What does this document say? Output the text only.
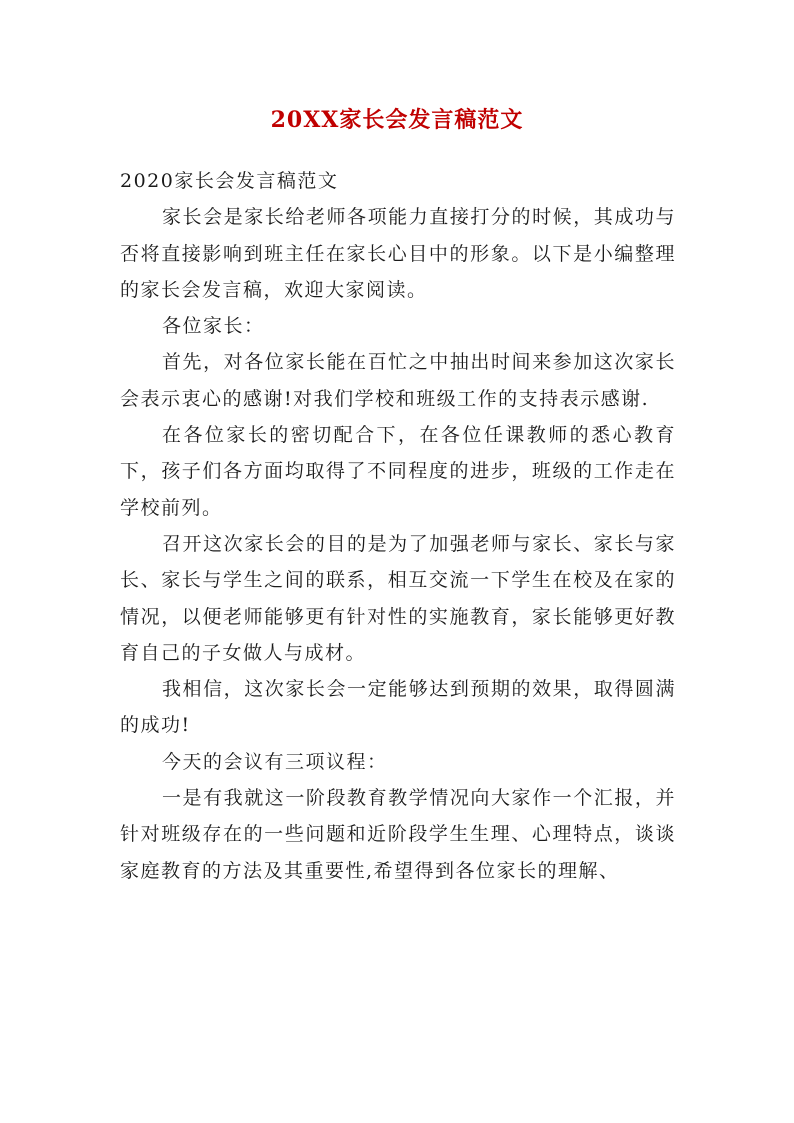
20XX家长会发言稿范文

2020家长会发言稿范文

家长会是家长给老师各项能力直接打分的时候，其成功与否将直接影响到班主任在家长心目中的形象。以下是小编整理的家长会发言稿，欢迎大家阅读。

各位家长：

首先，对各位家长能在百忙之中抽出时间来参加这次家长会表示衷心的感谢!对我们学校和班级工作的支持表示感谢.

在各位家长的密切配合下，在各位任课教师的悉心教育下，孩子们各方面均取得了不同程度的进步，班级的工作走在学校前列。

召开这次家长会的目的是为了加强老师与家长、家长与家长、家长与学生之间的联系，相互交流一下学生在校及在家的情况，以便老师能够更有针对性的实施教育，家长能够更好教育自己的子女做人与成材。

我相信，这次家长会一定能够达到预期的效果，取得圆满的成功!

今天的会议有三项议程：

一是有我就这一阶段教育教学情况向大家作一个汇报，并针对班级存在的一些问题和近阶段学生生理、心理特点，谈谈家庭教育的方法及其重要性,希望得到各位家长的理解、
